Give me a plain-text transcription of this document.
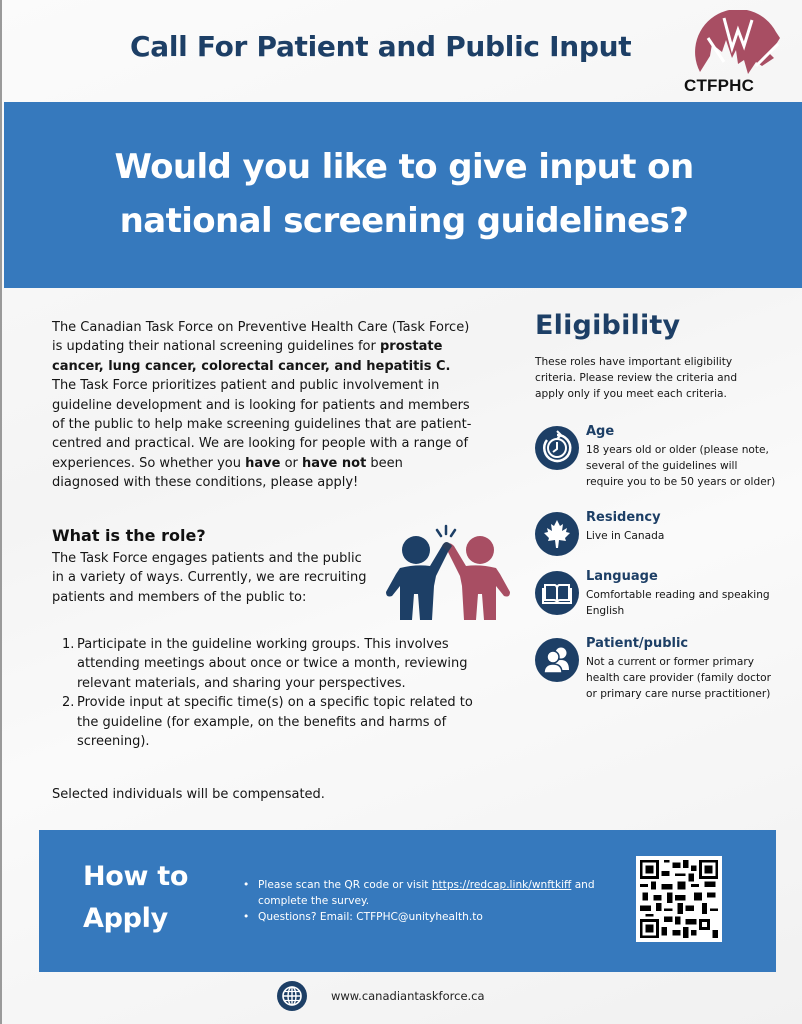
Call For Patient and Public Input
CTFPHC
Would you like to give input on
national screening guidelines?
The Canadian Task Force on Preventive Health Care (Task Force) is updating their national screening guidelines for prostate cancer, lung cancer, colorectal cancer, and hepatitis C. The Task Force prioritizes patient and public involvement in guideline development and is looking for patients and members of the public to help make screening guidelines that are patient-centred and practical. We are looking for people with a range of experiences. So whether you have or have not been diagnosed with these conditions, please apply!
What is the role?
The Task Force engages patients and the public in a variety of ways. Currently, we are recruiting patients and members of the public to:
1. Participate in the guideline working groups. This involves attending meetings about once or twice a month, reviewing relevant materials, and sharing your perspectives.
2. Provide input at specific time(s) on a specific topic related to the guideline (for example, on the benefits and harms of screening).
Selected individuals will be compensated.
Eligibility
These roles have important eligibility criteria. Please review the criteria and apply only if you meet each criteria.
Age
18 years old or older (please note, several of the guidelines will require you to be 50 years or older)
Residency
Live in Canada
Language
Comfortable reading and speaking English
Patient/public
Not a current or former primary health care provider (family doctor or primary care nurse practitioner)
How to
Apply
• Please scan the QR code or visit https://redcap.link/wnftkiff and complete the survey.
• Questions? Email: CTFPHC@unityhealth.to
www.canadiantaskforce.ca
